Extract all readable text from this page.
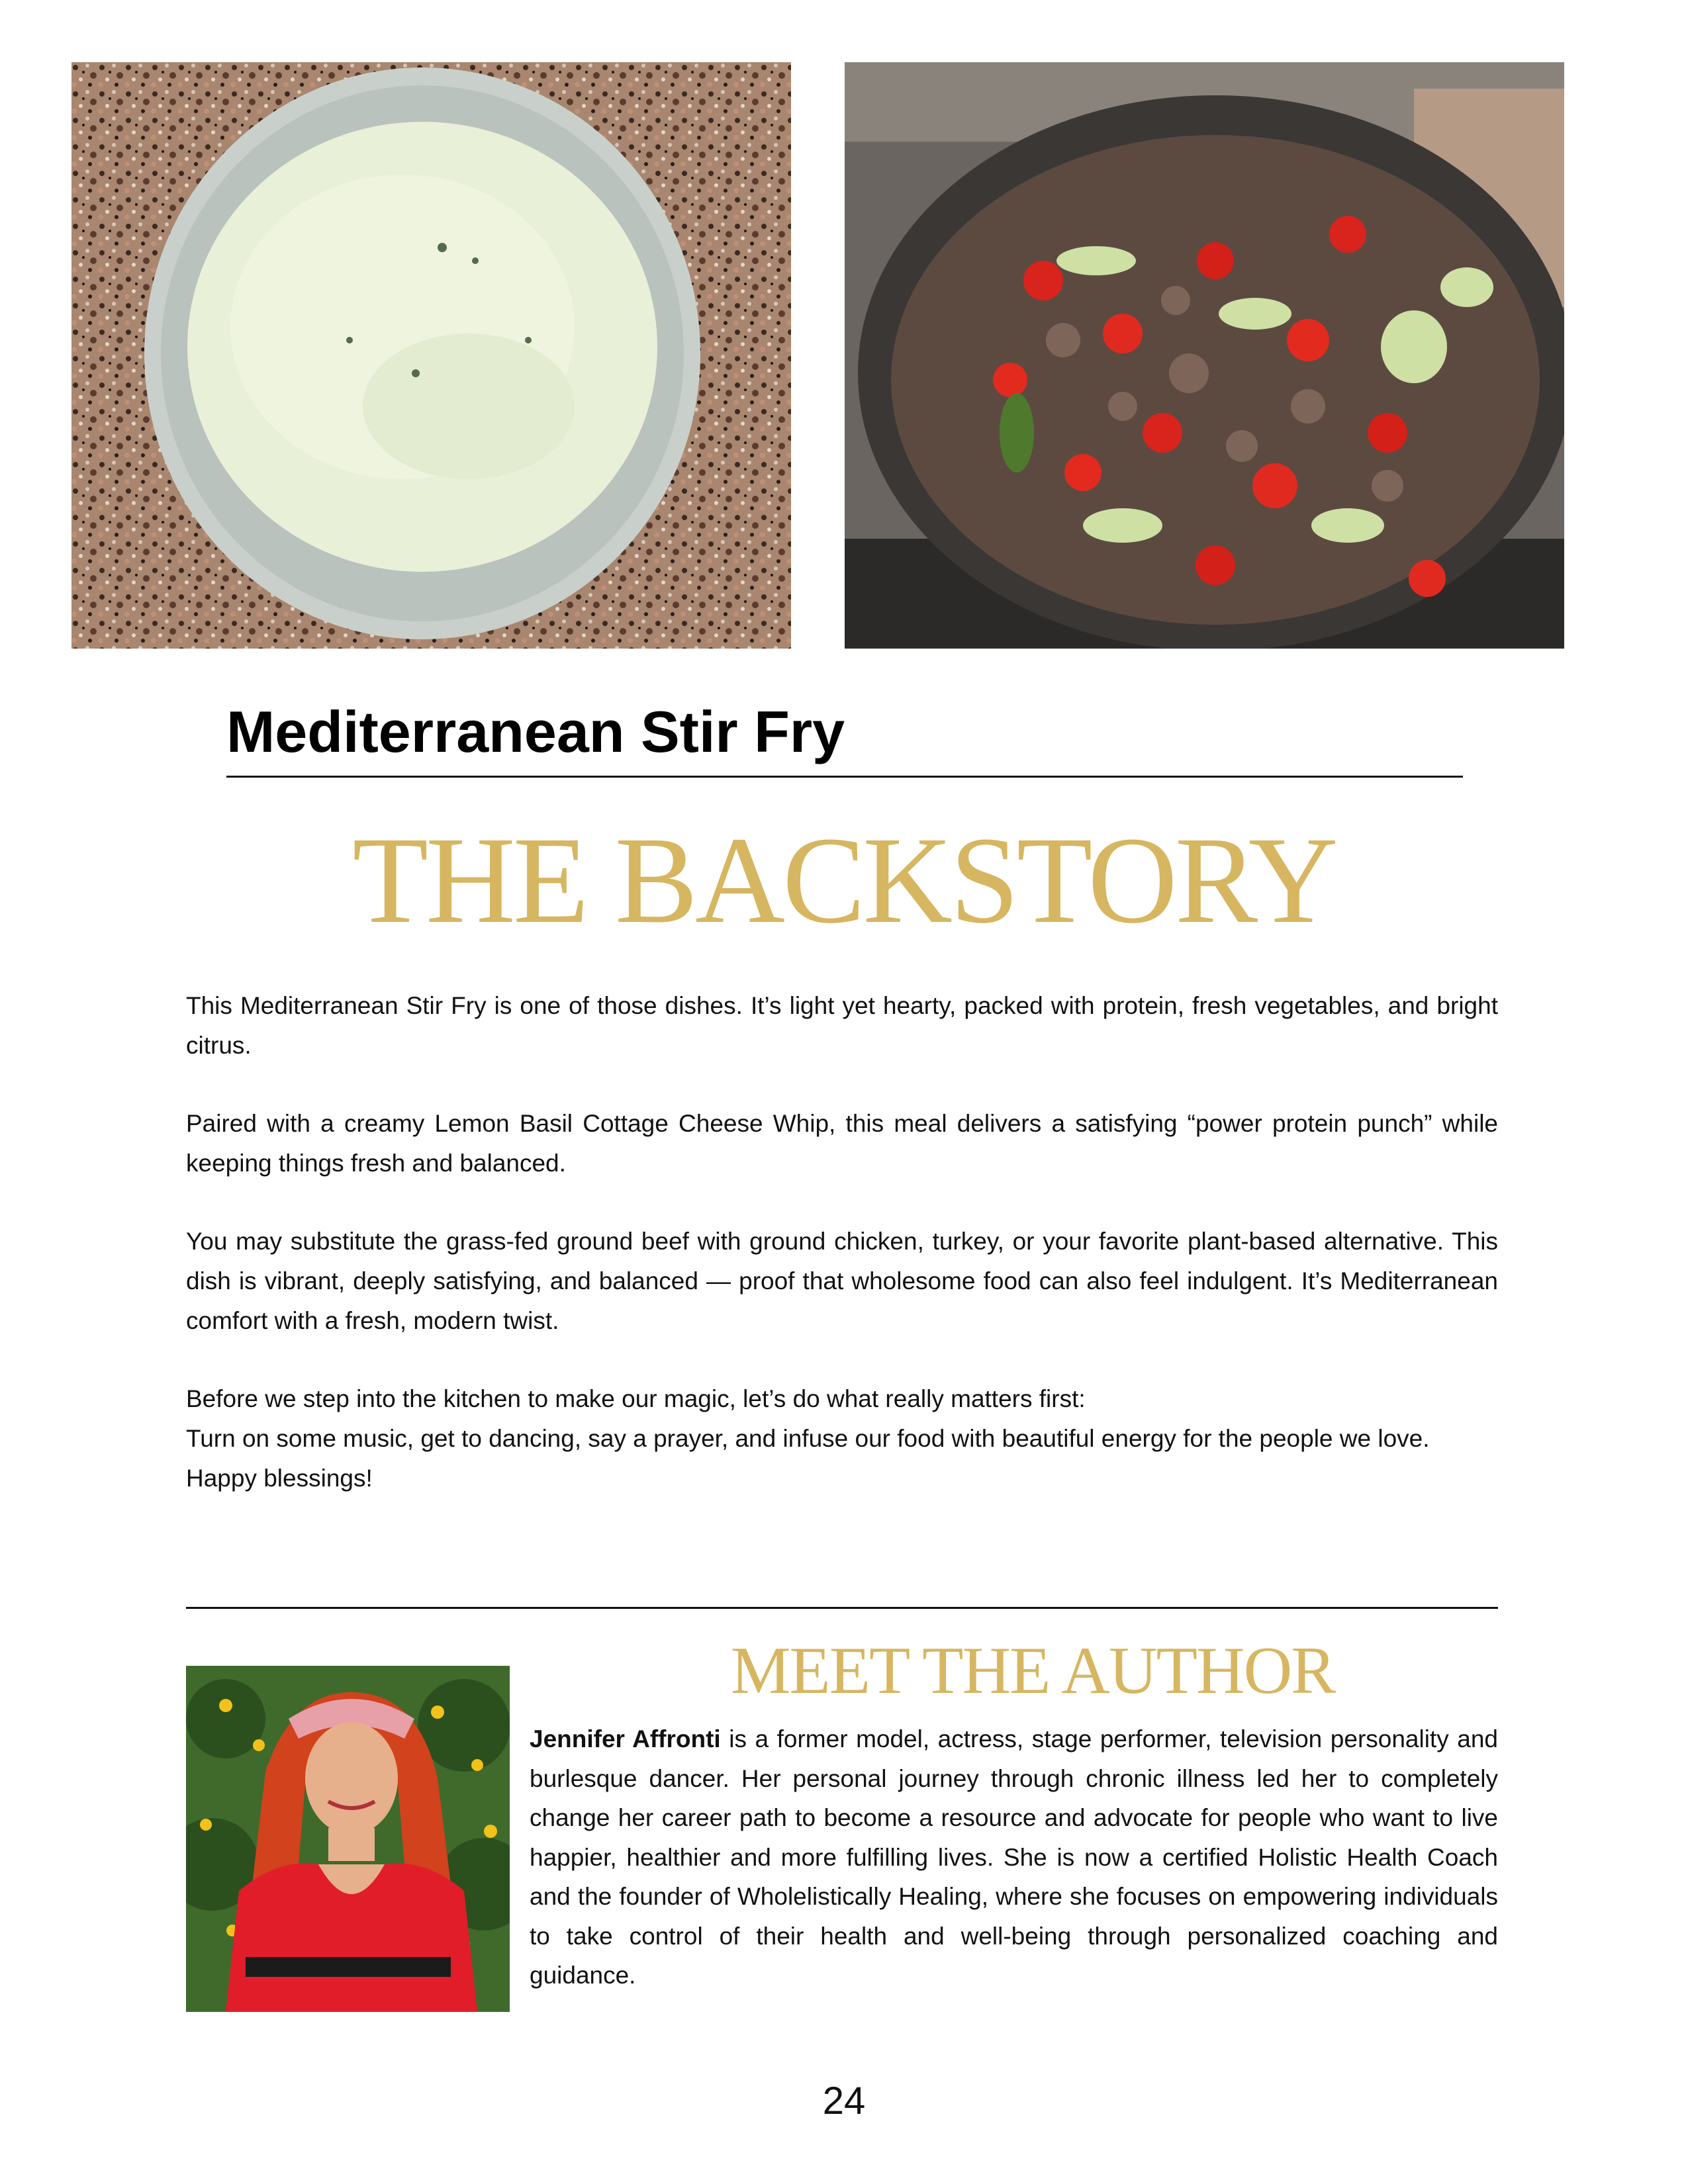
Mediterranean Stir Fry
THE BACKSTORY

This Mediterranean Stir Fry is one of those dishes. It’s light yet hearty, packed with protein, fresh vegetables, and bright citrus.

Paired with a creamy Lemon Basil Cottage Cheese Whip, this meal delivers a satisfying “power protein punch” while keeping things fresh and balanced.

You may substitute the grass-fed ground beef with ground chicken, turkey, or your favorite plant-based alternative. This dish is vibrant, deeply satisfying, and balanced — proof that wholesome food can also feel indulgent. It’s Mediterranean comfort with a fresh, modern twist.

Before we step into the kitchen to make our magic, let’s do what really matters first:
Turn on some music, get to dancing, say a prayer, and infuse our food with beautiful energy for the people we love.
Happy blessings!

MEET THE AUTHOR

Jennifer Affronti is a former model, actress, stage performer, television personality and burlesque dancer. Her personal journey through chronic illness led her to completely change her career path to become a resource and advocate for people who want to live happier, healthier and more fulfilling lives. She is now a certified Holistic Health Coach and the founder of Wholelistically Healing, where she focuses on empowering individuals to take control of their health and well-being through personalized coaching and guidance.

24
